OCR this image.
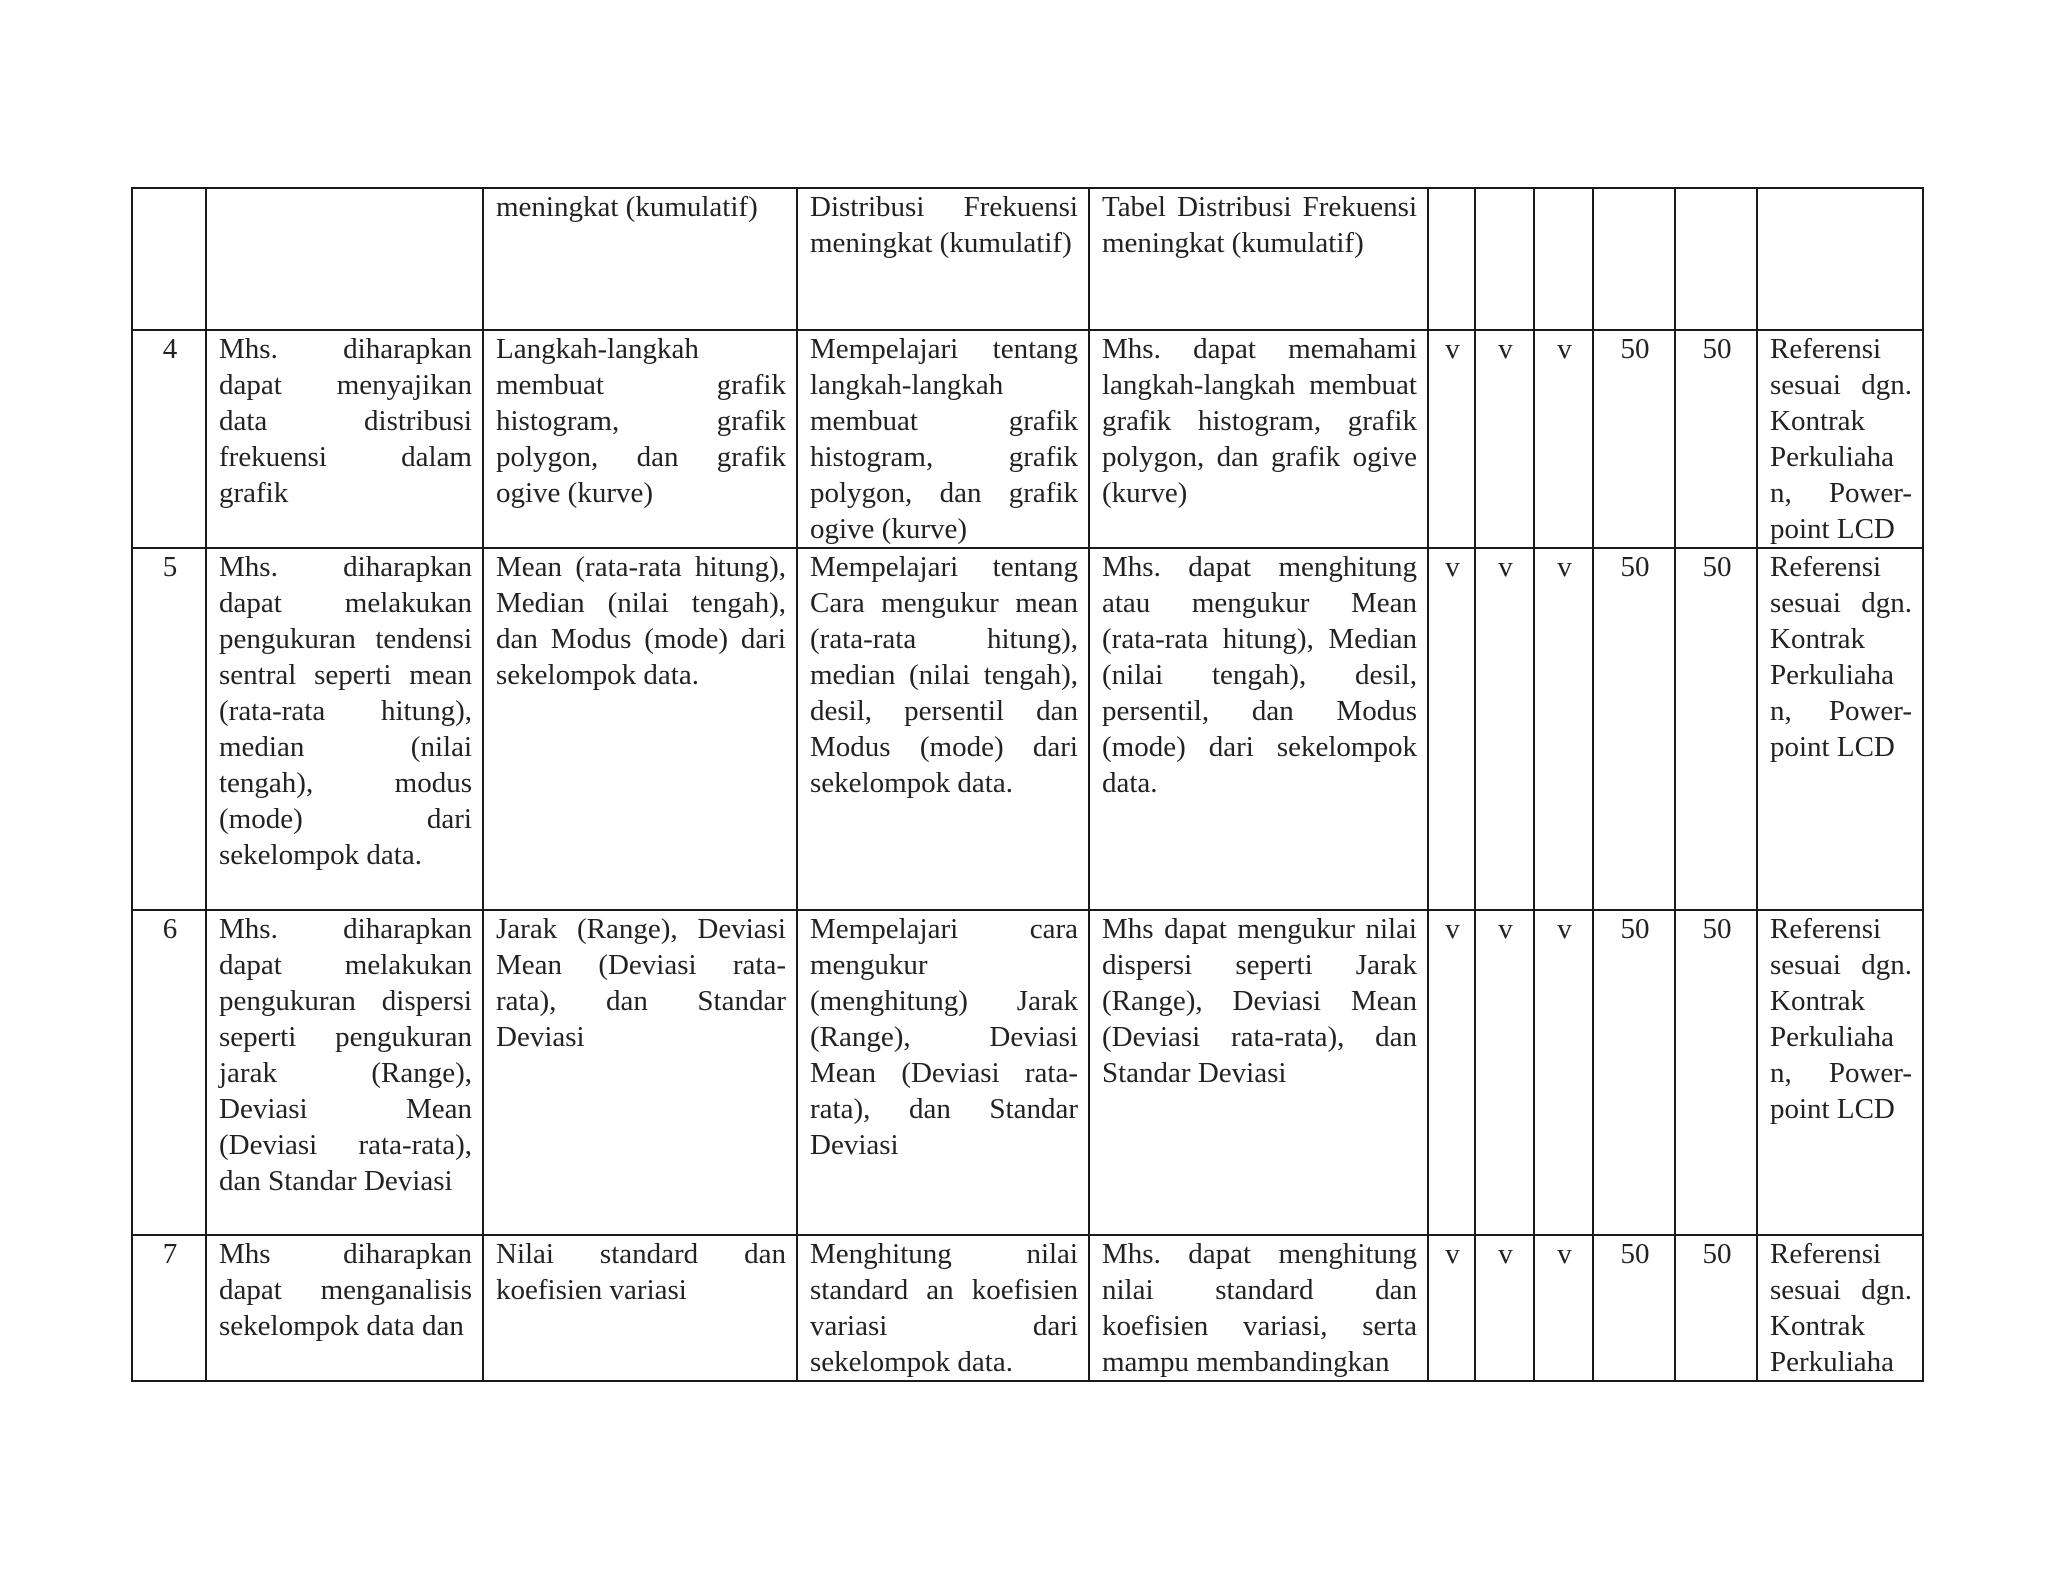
		meningkat (kumulatif)	Distribusi Frekuensi meningkat (kumulatif)	Tabel Distribusi Frekuensi meningkat (kumulatif)						
4	Mhs. diharapkan dapat menyajikan data distribusi frekuensi dalam grafik	Langkah-langkah membuat grafik histogram, grafik polygon, dan grafik ogive (kurve)	Mempelajari tentang langkah-langkah membuat grafik histogram, grafik polygon, dan grafik ogive (kurve)	Mhs. dapat memahami langkah-langkah membuat grafik histogram, grafik polygon, dan grafik ogive (kurve)	v	v	v	50	50	Referensi sesuai dgn. Kontrak Perkuliaha n, Power-point LCD
5	Mhs. diharapkan dapat melakukan pengukuran tendensi sentral seperti mean (rata-rata hitung), median (nilai tengah), modus (mode) dari sekelompok data.	Mean (rata-rata hitung), Median (nilai tengah), dan Modus (mode) dari sekelompok data.	Mempelajari tentang Cara mengukur mean (rata-rata hitung), median (nilai tengah), desil, persentil dan Modus (mode) dari sekelompok data.	Mhs. dapat menghitung atau mengukur Mean (rata-rata hitung), Median (nilai tengah), desil, persentil, dan Modus (mode) dari sekelompok data.	v	v	v	50	50	Referensi sesuai dgn. Kontrak Perkuliaha n, Power-point LCD
6	Mhs. diharapkan dapat melakukan pengukuran dispersi seperti pengukuran jarak (Range), Deviasi Mean (Deviasi rata-rata), dan Standar Deviasi	Jarak (Range), Deviasi Mean (Deviasi rata-rata), dan Standar Deviasi	Mempelajari cara mengukur (menghitung) Jarak (Range), Deviasi Mean (Deviasi rata-rata), dan Standar Deviasi	Mhs dapat mengukur nilai dispersi seperti Jarak (Range), Deviasi Mean (Deviasi rata-rata), dan Standar Deviasi	v	v	v	50	50	Referensi sesuai dgn. Kontrak Perkuliaha n, Power-point LCD
7	Mhs diharapkan dapat menganalisis sekelompok data dan	Nilai standard dan koefisien variasi	Menghitung nilai standard an koefisien variasi dari sekelompok data.	Mhs. dapat menghitung nilai standard dan koefisien variasi, serta mampu membandingkan	v	v	v	50	50	Referensi sesuai dgn. Kontrak Perkuliaha
